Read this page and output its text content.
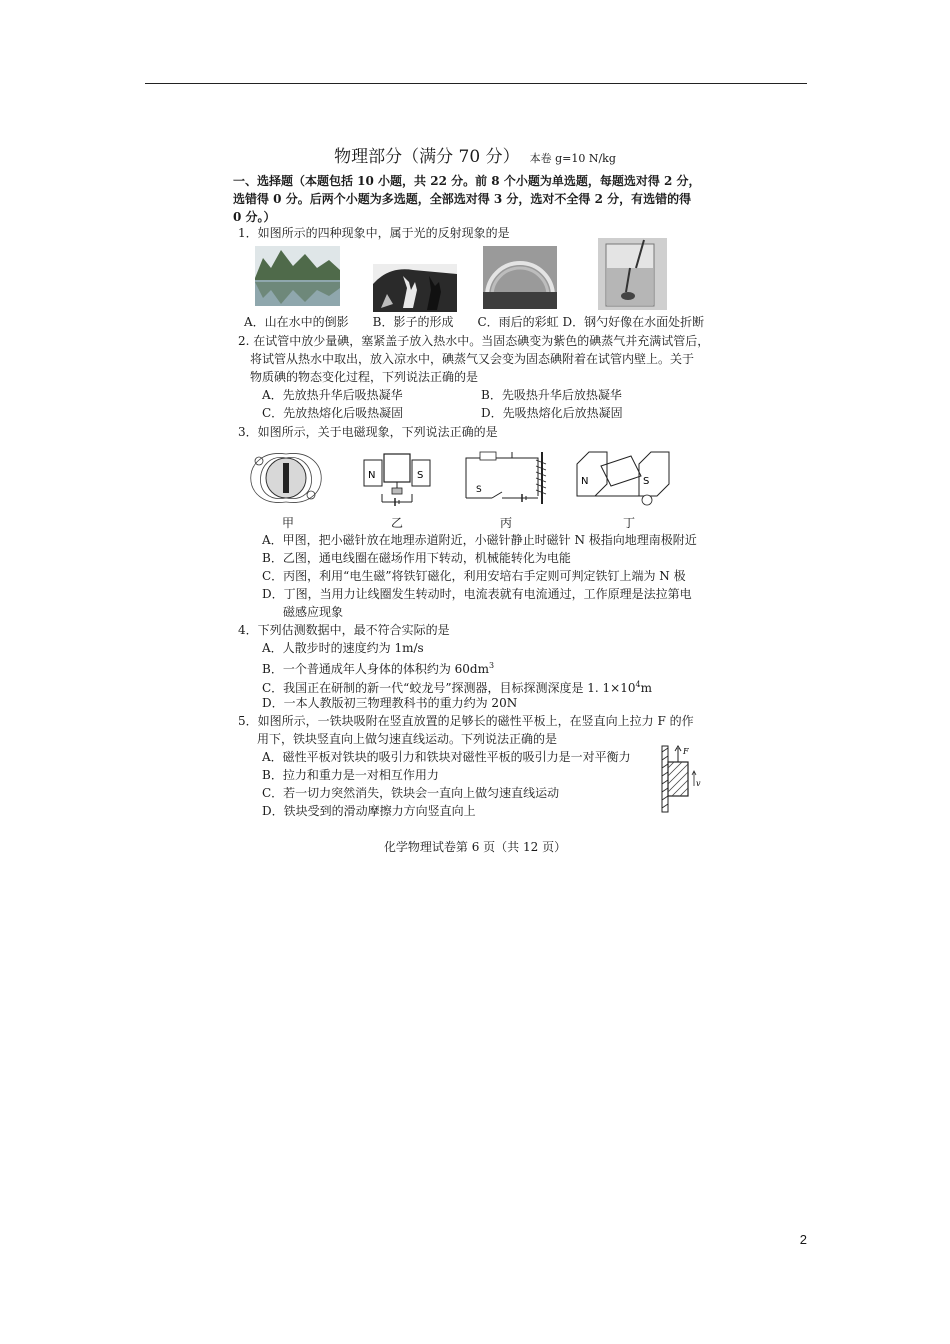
物理部分（满分 70 分） 本卷 g=10 N/kg
一、选择题（本题包括 10 小题，共 22 分。前 8 个小题为单选题，每题选对得 2 分，选错得 0 分。后两个小题为多选题，全部选对得 3 分，选对不全得 2 分，有选错的得 0 分。）
1．如图所示的四种现象中，属于光的反射现象的是
A．山在水中的倒影　　B．影子的形成　　C．雨后的彩虹 D．钢勺好像在水面处折断
2. 在试管中放少量碘，塞紧盖子放入热水中。当固态碘变为紫色的碘蒸气并充满试管后，
将试管从热水中取出，放入凉水中，碘蒸气又会变为固态碘附着在试管内壁上。关于
物质碘的物态变化过程，下列说法正确的是
A．先放热升华后吸热凝华	B．先吸热升华后放热凝华
C．先放热熔化后吸热凝固	D．先吸热熔化后放热凝固
3．如图所示，关于电磁现象，下列说法正确的是
N	S
S
N	S
甲	乙	丙	丁
A．甲图，把小磁针放在地理赤道附近，小磁针静止时磁针 N 极指向地理南极附近
B．乙图，通电线圈在磁场作用下转动，机械能转化为电能
C．丙图，利用“电生磁”将铁钉磁化，利用安培右手定则可判定铁钉上端为 N 极
D．丁图，当用力让线圈发生转动时，电流表就有电流通过，工作原理是法拉第电
磁感应现象
4．下列估测数据中，最不符合实际的是
A．人散步时的速度约为 1m/s
B．一个普通成年人身体的体积约为 $60dm^3$
C．我国正在研制的新一代“蛟龙号”探测器，目标探测深度是 1. $1\times 10^4m$
D．一本人教版初三物理教科书的重力约为 20N
5．如图所示，一铁块吸附在竖直放置的足够长的磁性平板上，在竖直向上拉力 F 的作
用下，铁块竖直向上做匀速直线运动。下列说法正确的是
A．磁性平板对铁块的吸引力和铁块对磁性平板的吸引力是一对平衡力
B．拉力和重力是一对相互作用力
C．若一切力突然消失，铁块会一直向上做匀速直线运动
D．铁块受到的滑动摩擦力方向竖直向上
F
v
化学物理试卷第 6 页（共 12 页）
2
